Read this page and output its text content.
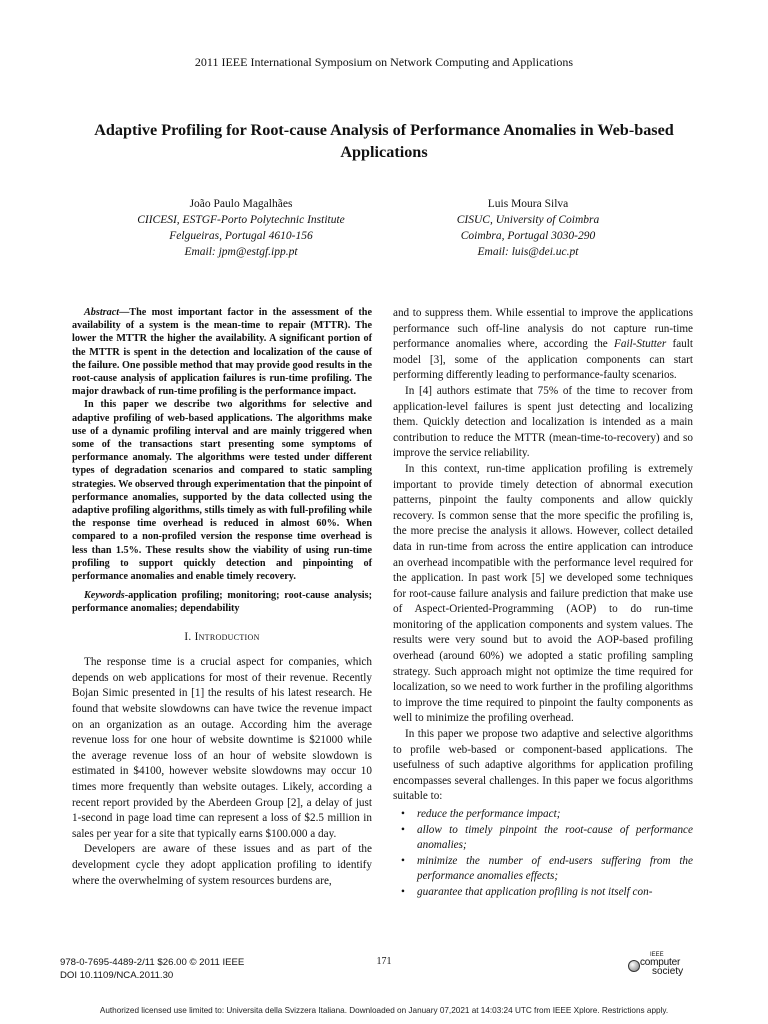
2011 IEEE International Symposium on Network Computing and Applications
Adaptive Profiling for Root-cause Analysis of Performance Anomalies in Web-based
Applications
João Paulo Magalhães
CIICESI, ESTGF-Porto Polytechnic Institute
Felgueiras, Portugal 4610-156
Email: jpm@estgf.ipp.pt
Luis Moura Silva
CISUC, University of Coimbra
Coimbra, Portugal 3030-290
Email: luis@dei.uc.pt

Abstract—The most important factor in the assessment of the availability of a system is the mean-time to repair (MTTR). The lower the MTTR the higher the availability. A significant portion of the MTTR is spent in the detection and localization of the cause of the failure. One possible method that may provide good results in the root-cause analysis of application failures is run-time profiling. The major drawback of run-time profiling is the performance impact.

In this paper we describe two algorithms for selective and adaptive profiling of web-based applications. The algorithms make use of a dynamic profiling interval and are mainly triggered when some of the transactions start presenting some symptoms of performance anomaly. The algorithms were tested under different types of degradation scenarios and compared to static sampling strategies. We observed through experimentation that the pinpoint of performance anomalies, supported by the data collected using the adaptive profiling algorithms, stills timely as with full-profiling while the response time overhead is reduced in almost 60%. When compared to a non-profiled version the response time overhead is less than 1.5%. These results show the viability of using run-time profiling to support quickly detection and pinpointing of performance anomalies and enable timely recovery.

Keywords-application profiling; monitoring; root-cause analysis; performance anomalies; dependability

I. Introduction

The response time is a crucial aspect for companies, which depends on web applications for most of their revenue. Recently Bojan Simic presented in [1] the results of his latest research. He found that website slowdowns can have twice the revenue impact on an organization as an outage. According him the average revenue loss for one hour of website downtime is $21000 while the average revenue loss of an hour of website slowdown is estimated in $4100, however website slowdowns may occur 10 times more frequently than website outages. Likely, according a recent report provided by the Aberdeen Group [2], a delay of just 1-second in page load time can represent a loss of $2.5 million in sales per year for a site that typically earns $100.000 a day.

Developers are aware of these issues and as part of the development cycle they adopt application profiling to identify where the overwhelming of system resources burdens are,

and to suppress them. While essential to improve the applications performance such off-line analysis do not capture run-time performance anomalies where, according the Fail-Stutter fault model [3], some of the application components can start performing differently leading to performance-faulty scenarios.

In [4] authors estimate that 75% of the time to recover from application-level failures is spent just detecting and localizing them. Quickly detection and localization is intended as a main contribution to reduce the MTTR (mean-time-to-recovery) and so improve the service reliability.

In this context, run-time application profiling is extremely important to provide timely detection of abnormal execution patterns, pinpoint the faulty components and allow quickly recovery. Is common sense that the more specific the profiling is, the more precise the analysis it allows. However, collect detailed data in run-time from across the entire application can introduce an overhead incompatible with the performance level required for the application. In past work [5] we developed some techniques for root-cause failure analysis and failure prediction that make use of Aspect-Oriented-Programming (AOP) to do run-time monitoring of the application components and system values. The results were very sound but to avoid the AOP-based profiling overhead (around 60%) we adopted a static profiling sampling strategy. Such approach might not optimize the time required for localization, so we need to work further in the profiling algorithms to improve the time required to pinpoint the faulty components as well to minimize the profiling overhead.

In this paper we propose two adaptive and selective algorithms to profile web-based or component-based applications. The usefulness of such adaptive algorithms for application profiling encompasses several challenges. In this paper we focus algorithms suitable to:

• reduce the performance impact;
• allow to timely pinpoint the root-cause of performance anomalies;
• minimize the number of end-users suffering from the performance anomalies effects;
• guarantee that application profiling is not itself con-
978-0-7695-4489-2/11 $26.00 © 2011 IEEE
DOI 10.1109/NCA.2011.30
171
IEEE
computer
society
Authorized licensed use limited to: Universita della Svizzera Italiana. Downloaded on January 07,2021 at 14:03:24 UTC from IEEE Xplore. Restrictions apply.
